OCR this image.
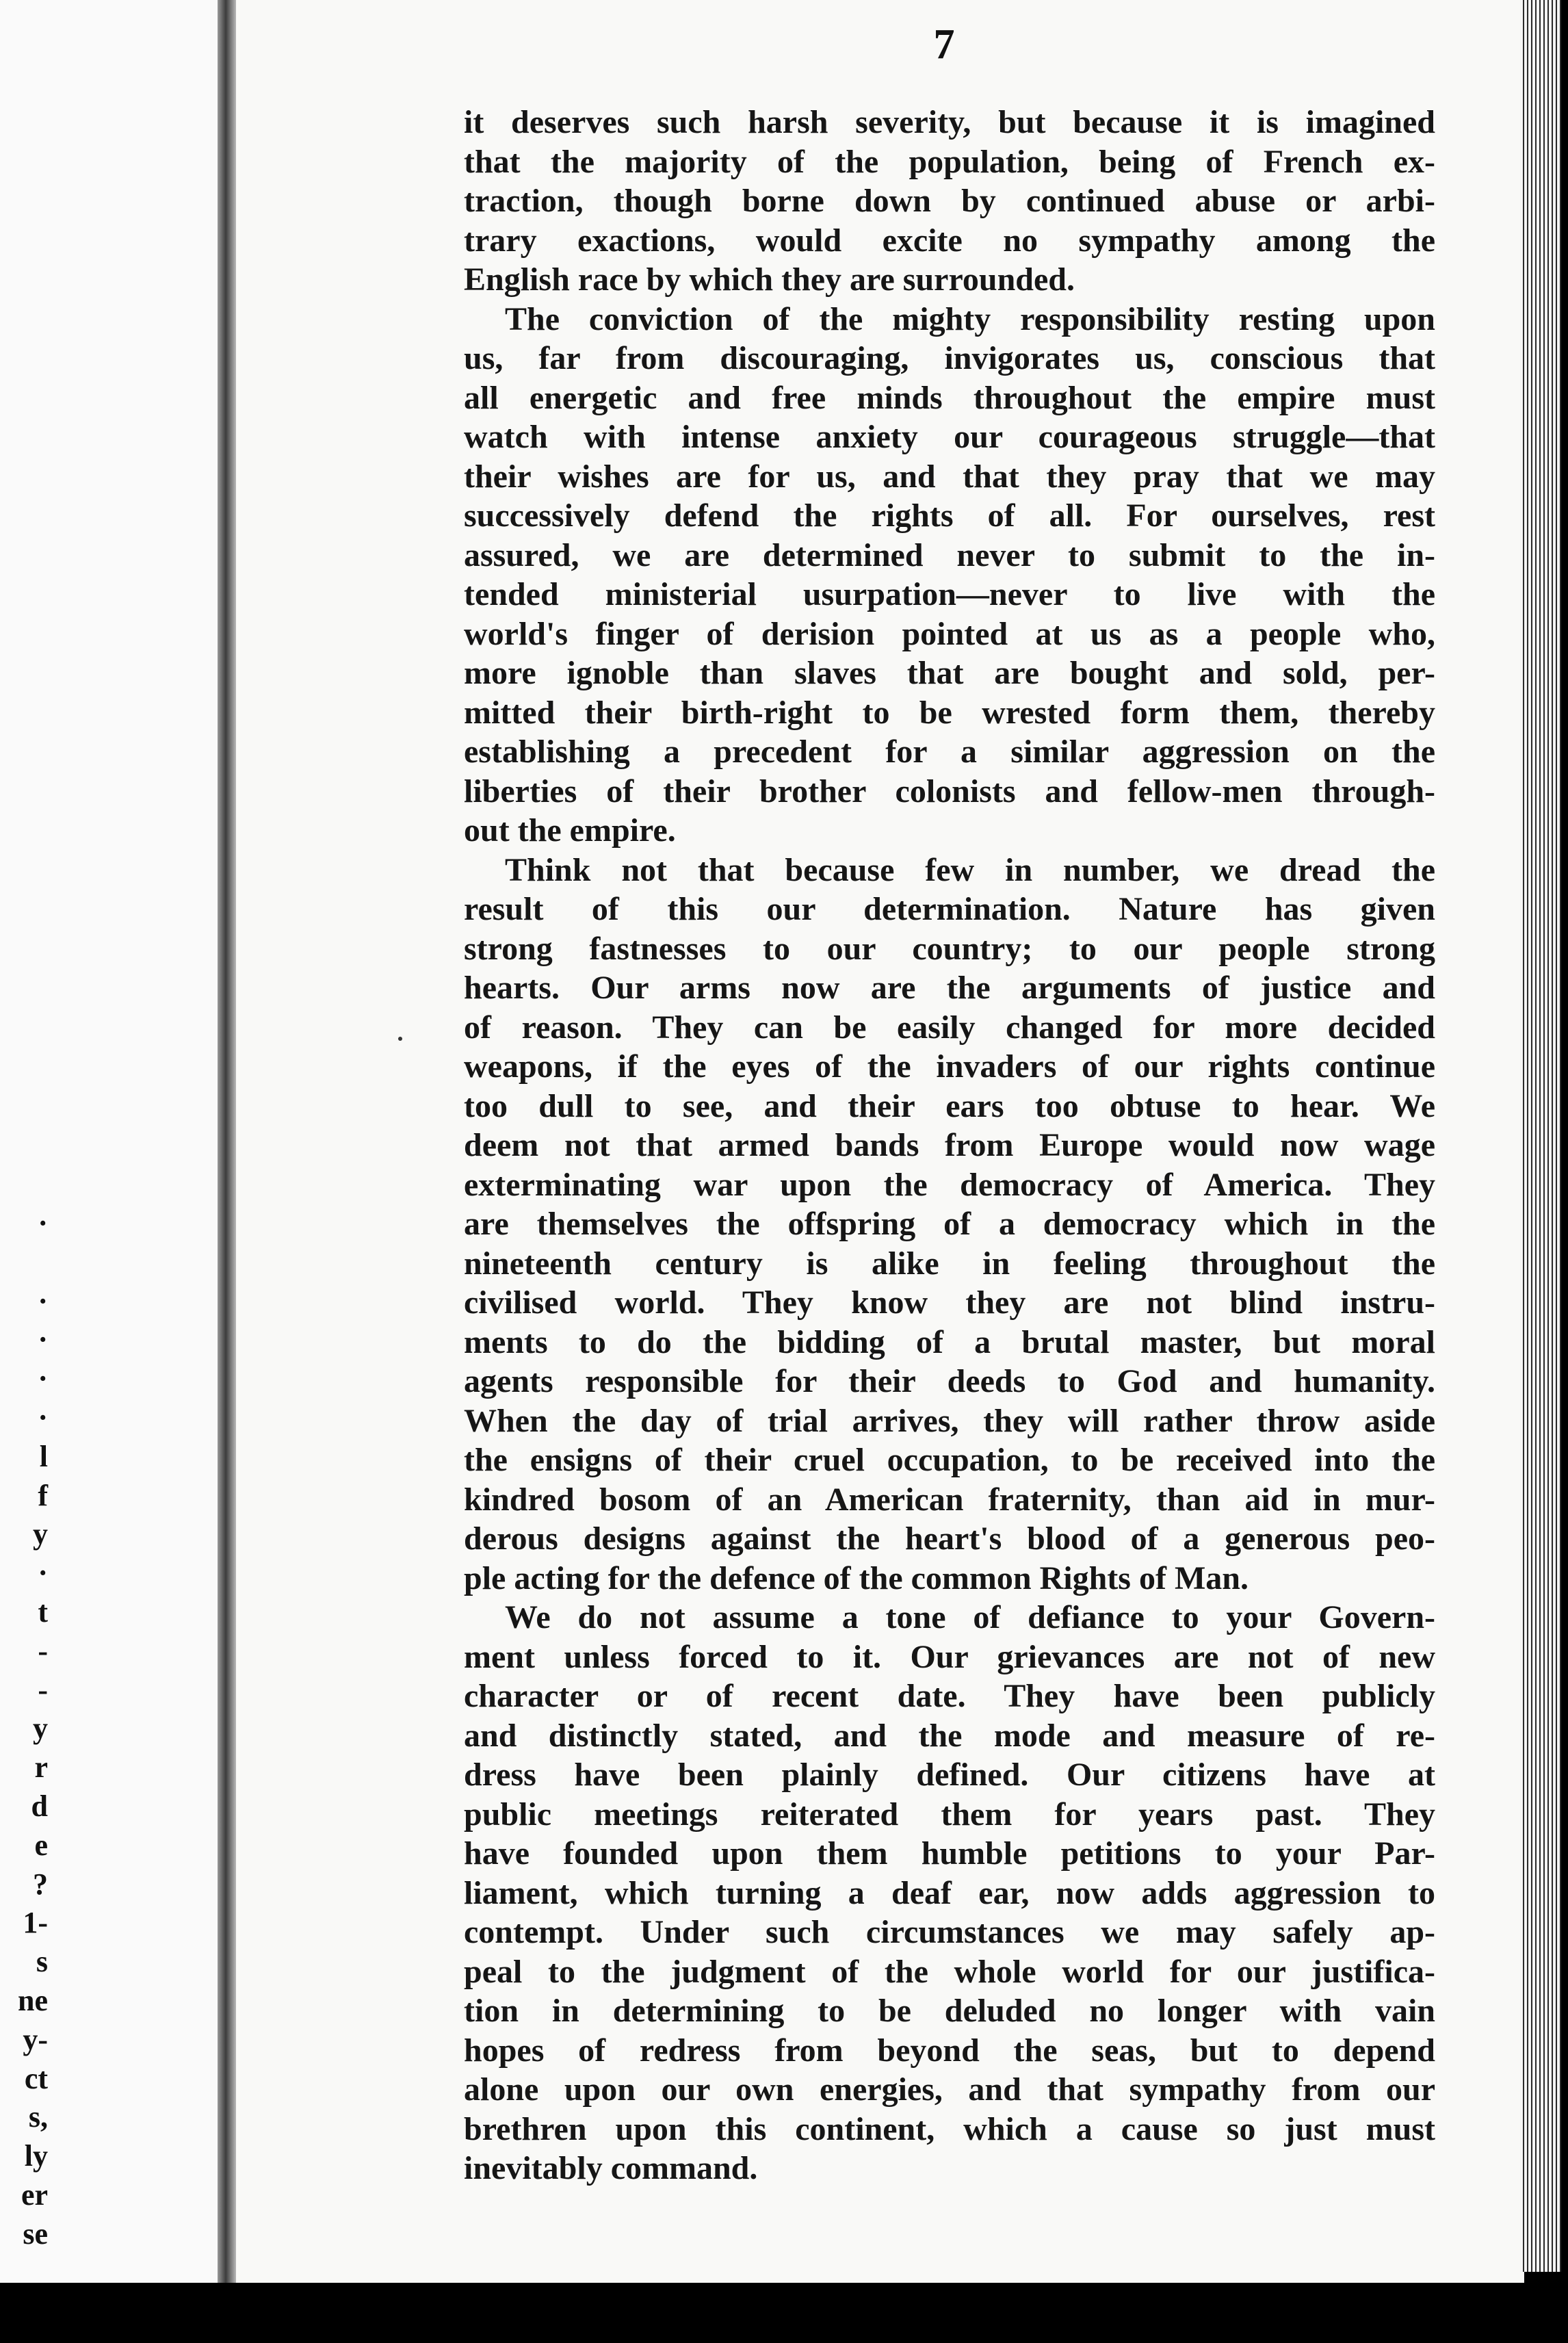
·
·
·
·
·
l
f
y
·
t
-
-
y
r
d
e
?
1-
s
ne
y-
ct
s,
ly
er
se
7
it deserves such harsh severity, but because it is imagined
that the majority of the population, being of French ex-
traction, though borne down by continued abuse or arbi-
trary exactions, would excite no sympathy among the
English race by which they are surrounded.
The conviction of the mighty responsibility resting upon
us, far from discouraging, invigorates us, conscious that
all energetic and free minds throughout the empire must
watch with intense anxiety our courageous struggle—that
their wishes are for us, and that they pray that we may
successively defend the rights of all. For ourselves, rest
assured, we are determined never to submit to the in-
tended ministerial usurpation—never to live with the
world's finger of derision pointed at us as a people who,
more ignoble than slaves that are bought and sold, per-
mitted their birth-right to be wrested form them, thereby
establishing a precedent for a similar aggression on the
liberties of their brother colonists and fellow-men through-
out the empire.
Think not that because few in number, we dread the
result of this our determination. Nature has given
strong fastnesses to our country; to our people strong
hearts. Our arms now are the arguments of justice and
of reason. They can be easily changed for more decided
weapons, if the eyes of the invaders of our rights continue
too dull to see, and their ears too obtuse to hear. We
deem not that armed bands from Europe would now wage
exterminating war upon the democracy of America. They
are themselves the offspring of a democracy which in the
nineteenth century is alike in feeling throughout the
civilised world. They know they are not blind instru-
ments to do the bidding of a brutal master, but moral
agents responsible for their deeds to God and humanity.
When the day of trial arrives, they will rather throw aside
the ensigns of their cruel occupation, to be received into the
kindred bosom of an American fraternity, than aid in mur-
derous designs against the heart's blood of a generous peo-
ple acting for the defence of the common Rights of Man.
We do not assume a tone of defiance to your Govern-
ment unless forced to it. Our grievances are not of new
character or of recent date. They have been publicly
and distinctly stated, and the mode and measure of re-
dress have been plainly defined. Our citizens have at
public meetings reiterated them for years past. They
have founded upon them humble petitions to your Par-
liament, which turning a deaf ear, now adds aggression to
contempt. Under such circumstances we may safely ap-
peal to the judgment of the whole world for our justifica-
tion in determining to be deluded no longer with vain
hopes of redress from beyond the seas, but to depend
alone upon our own energies, and that sympathy from our
brethren upon this continent, which a cause so just must
inevitably command.
